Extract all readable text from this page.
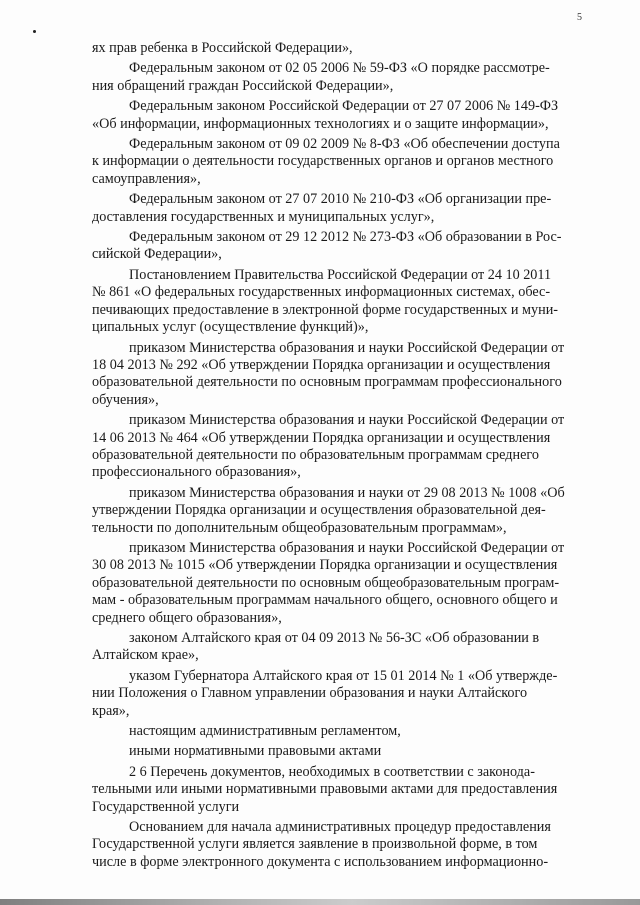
5
ях прав ребенка в Российской Федерации»,
Федеральным законом от 02 05 2006 № 59-ФЗ «О порядке рассмотре-
ния обращений граждан Российской Федерации»,
Федеральным законом Российской Федерации от 27 07 2006 № 149-ФЗ
«Об информации, информационных технологиях и о защите информации»,
Федеральным законом от 09 02 2009 № 8-ФЗ «Об обеспечении доступа
к информации о деятельности государственных органов и органов местного
самоуправления»,
Федеральным законом от 27 07 2010 № 210-ФЗ «Об организации пре-
доставления государственных и муниципальных услуг»,
Федеральным законом от 29 12 2012 № 273-ФЗ «Об образовании в Рос-
сийской Федерации»,
Постановлением Правительства Российской Федерации от 24 10 2011
№ 861 «О федеральных государственных информационных системах, обес-
печивающих предоставление в электронной форме государственных и муни-
ципальных услуг (осуществление функций)»,
приказом Министерства образования и науки Российской Федерации от
18 04 2013 № 292 «Об утверждении Порядка организации и осуществления
образовательной деятельности по основным программам профессионального
обучения»,
приказом Министерства образования и науки Российской Федерации от
14 06 2013 № 464 «Об утверждении Порядка организации и осуществления
образовательной деятельности по образовательным программам среднего
профессионального образования»,
приказом Министерства образования и науки от 29 08 2013 № 1008 «Об
утверждении Порядка организации и осуществления образовательной дея-
тельности по дополнительным общеобразовательным программам»,
приказом Министерства образования и науки Российской Федерации от
30 08 2013 № 1015 «Об утверждении Порядка организации и осуществления
образовательной деятельности по основным общеобразовательным програм-
мам - образовательным программам начального общего, основного общего и
среднего общего образования»,
законом Алтайского края от 04 09 2013 № 56-ЗС «Об образовании в
Алтайском крае»,
указом Губернатора Алтайского края от 15 01 2014 № 1 «Об утвержде-
нии Положения о Главном управлении образования и науки Алтайского
края»,
настоящим административным регламентом,
иными нормативными правовыми актами
2 6 Перечень документов, необходимых в соответствии с законода-
тельными или иными нормативными правовыми актами для предоставления
Государственной услуги
Основанием для начала административных процедур предоставления
Государственной услуги является заявление в произвольной форме, в том
числе в форме электронного документа с использованием информационно-
